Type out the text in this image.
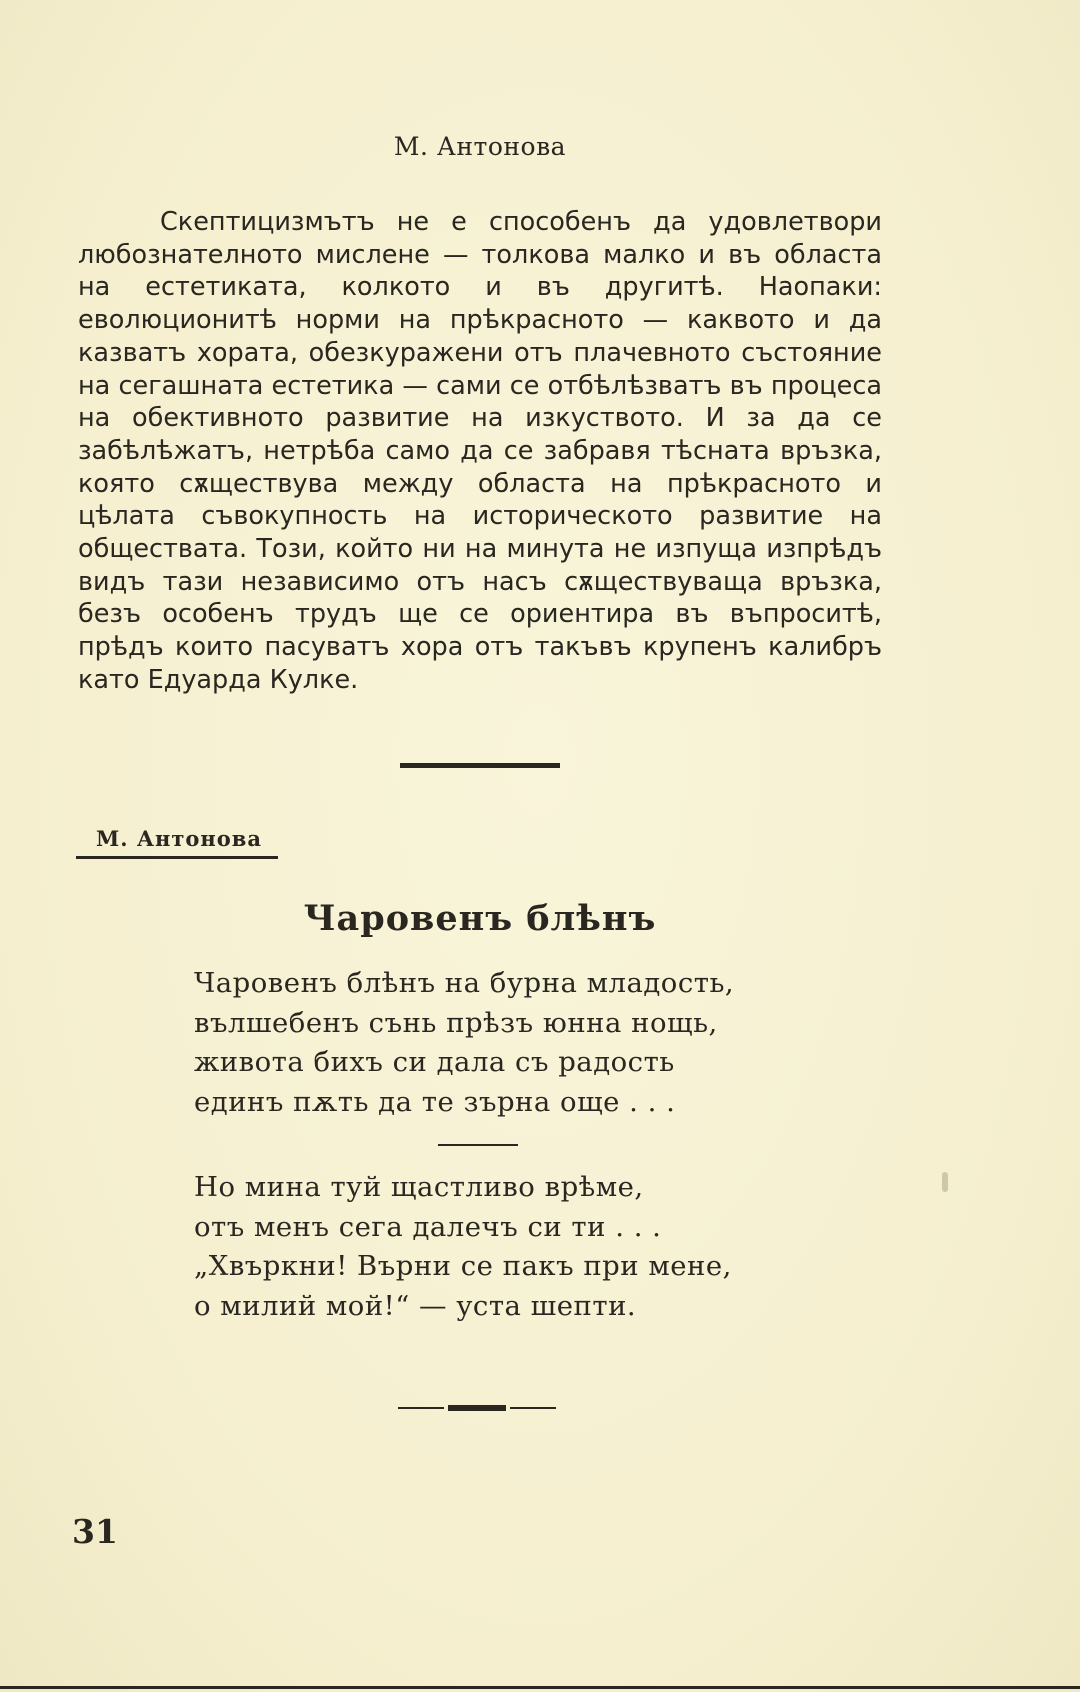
М. Антонова

Скептицизмътъ не е способенъ да удовлетвори любознателното мислене — толкова малко и въ областа на естетиката, колкото и въ другитѣ. Наопаки: еволюционитѣ норми на прѣкрасното — каквото и да казватъ хората, обезкуражени отъ плачевното състояние на сегашната естетика — сами се отбѣлѣзватъ въ процеса на обективното развитие на изкуството. И за да се забѣлѣжатъ, нетрѣба само да се забравя тѣсната връзка, която сѫществува между областа на прѣкрасното и цѣлата съвокупность на историческото развитие на обществата. Този, който ни на минута не изпуща изпрѣдъ видъ тази независимо отъ насъ сѫществуваща връзка, безъ особенъ трудъ ще се ориентира въ въпроситѣ, прѣдъ които пасуватъ хора отъ такъвъ крупенъ калибръ като Едуарда Кулке.

М. Антонова
Чаровенъ блѣнъ
Чаровенъ блѣнъ на бурна младость,
вълшебенъ сънь прѣзъ юнна нощь,
живота бихъ си дала съ радость
единъ пѫть да те зърна още . . .
Но мина туй щастливо врѣме,
отъ менъ сега далечъ си ти . . .
„Хвъркни! Върни се пакъ при мене,
о милий мой!“ — уста шепти.
31
